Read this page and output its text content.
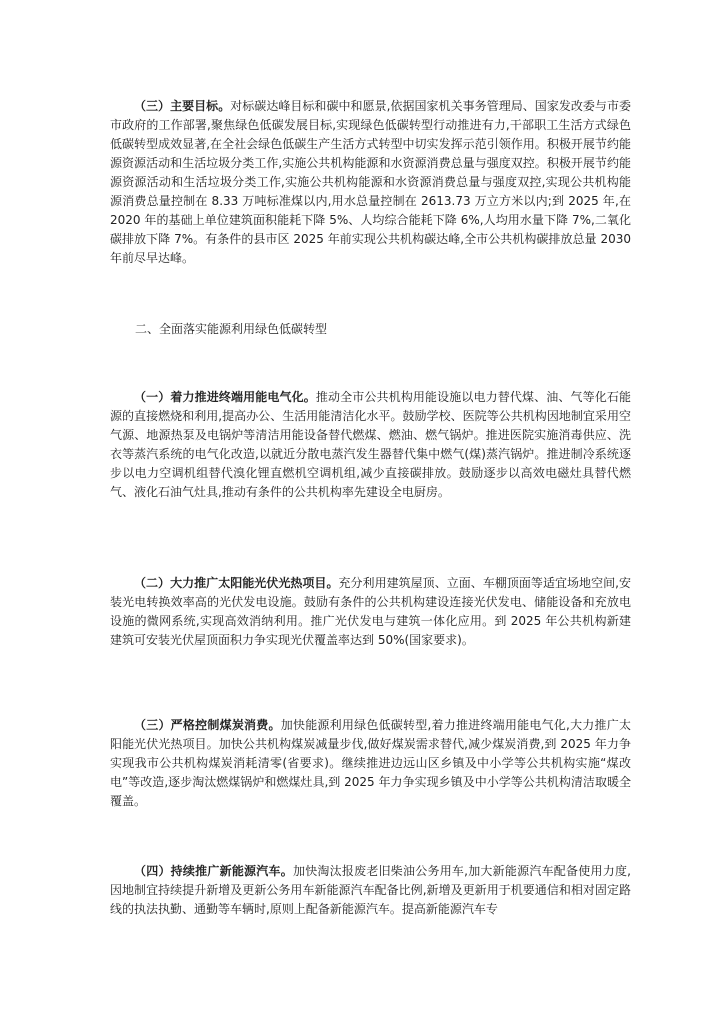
（三）主要目标。对标碳达峰目标和碳中和愿景,依据国家机关事务管理局、国家发改委与市委市政府的工作部署,聚焦绿色低碳发展目标,实现绿色低碳转型行动推进有力,干部职工生活方式绿色低碳转型成效显著,在全社会绿色低碳生产生活方式转型中切实发挥示范引领作用。积极开展节约能源资源活动和生活垃圾分类工作,实施公共机构能源和水资源消费总量与强度双控。积极开展节约能源资源活动和生活垃圾分类工作,实施公共机构能源和水资源消费总量与强度双控,实现公共机构能源消费总量控制在 8.33 万吨标准煤以内,用水总量控制在 2613.73 万立方米以内;到 2025 年,在 2020 年的基础上单位建筑面积能耗下降 5%、人均综合能耗下降 6%,人均用水量下降 7%,二氧化碳排放下降 7%。有条件的县市区 2025 年前实现公共机构碳达峰,全市公共机构碳排放总量 2030 年前尽早达峰。

二、全面落实能源利用绿色低碳转型

（一）着力推进终端用能电气化。推动全市公共机构用能设施以电力替代煤、油、气等化石能源的直接燃烧和利用,提高办公、生活用能清洁化水平。鼓励学校、医院等公共机构因地制宜采用空气源、地源热泵及电锅炉等清洁用能设备替代燃煤、燃油、燃气锅炉。推进医院实施消毒供应、洗衣等蒸汽系统的电气化改造,以就近分散电蒸汽发生器替代集中燃气(煤)蒸汽锅炉。推进制冷系统逐步以电力空调机组替代溴化锂直燃机空调机组,减少直接碳排放。鼓励逐步以高效电磁灶具替代燃气、液化石油气灶具,推动有条件的公共机构率先建设全电厨房。

（二）大力推广太阳能光伏光热项目。充分利用建筑屋顶、立面、车棚顶面等适宜场地空间,安装光电转换效率高的光伏发电设施。鼓励有条件的公共机构建设连接光伏发电、储能设备和充放电设施的微网系统,实现高效消纳利用。推广光伏发电与建筑一体化应用。到 2025 年公共机构新建建筑可安装光伏屋顶面积力争实现光伏覆盖率达到 50%(国家要求)。

（三）严格控制煤炭消费。加快能源利用绿色低碳转型,着力推进终端用能电气化,大力推广太阳能光伏光热项目。加快公共机构煤炭减量步伐,做好煤炭需求替代,减少煤炭消费,到 2025 年力争实现我市公共机构煤炭消耗清零(省要求)。继续推进边远山区乡镇及中小学等公共机构实施“煤改电”等改造,逐步淘汰燃煤锅炉和燃煤灶具,到 2025 年力争实现乡镇及中小学等公共机构清洁取暖全覆盖。

（四）持续推广新能源汽车。加快淘汰报废老旧柴油公务用车,加大新能源汽车配备使用力度,因地制宜持续提升新增及更新公务用车新能源汽车配备比例,新增及更新用于机要通信和相对固定路线的执法执勤、通勤等车辆时,原则上配备新能源汽车。提高新能源汽车专
